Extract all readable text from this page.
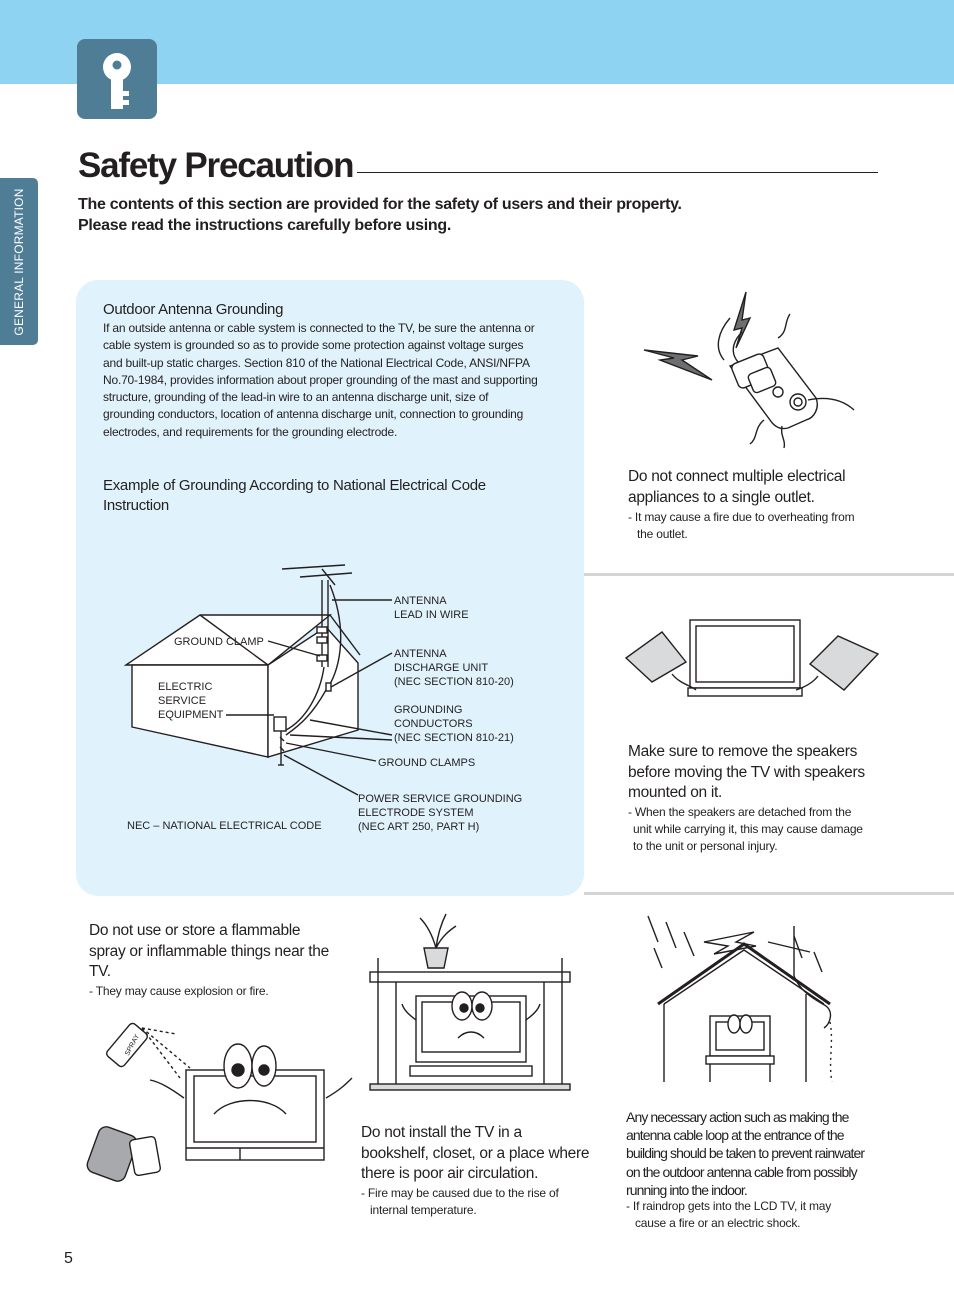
GENERAL INFORMATION
Safety Precaution
The contents of this section are provided for the safety of users and their property.
Please read the instructions carefully before using.
Outdoor Antenna Grounding
If an outside antenna or cable system is connected to the TV, be sure the antenna or
cable system is grounded so as to provide some protection against voltage surges
and built-up static charges. Section 810 of the National Electrical Code, ANSI/NFPA
No.70-1984, provides information about proper grounding of the mast and supporting
structure, grounding of the lead-in wire to an antenna discharge unit, size of
grounding conductors, location of antenna discharge unit, connection to grounding
electrodes, and requirements for the grounding electrode.
Example of Grounding According to National Electrical Code
Instruction
GROUND CLAMP
ELECTRIC
SERVICE
EQUIPMENT
ANTENNA
LEAD IN WIRE
ANTENNA
DISCHARGE UNIT
(NEC SECTION 810-20)
GROUNDING
CONDUCTORS
(NEC SECTION 810-21)
GROUND CLAMPS
POWER SERVICE GROUNDING
ELECTRODE SYSTEM
(NEC ART 250, PART H)
NEC – NATIONAL ELECTRICAL CODE
Do not connect multiple electrical
appliances to a single outlet.
- It may cause a fire due to overheating from
the outlet.
Make sure to remove the speakers
before moving the TV with speakers
mounted on it.
- When the speakers are detached from the
unit while carrying it, this may cause damage
to the unit or personal injury.
Do not use or store a flammable
spray or inflammable things near the
TV.
- They may cause explosion or fire.
SPRAY
Do not install the TV in a
bookshelf, closet, or a place where
there is poor air circulation.
- Fire may be caused due to the rise of
internal temperature.
Any necessary action such as making the
antenna cable loop at the entrance of the
building should be taken to prevent rainwater
on the outdoor antenna cable from possibly
running into the indoor.
- If raindrop gets into the LCD TV, it may
cause a fire or an electric shock.
5
